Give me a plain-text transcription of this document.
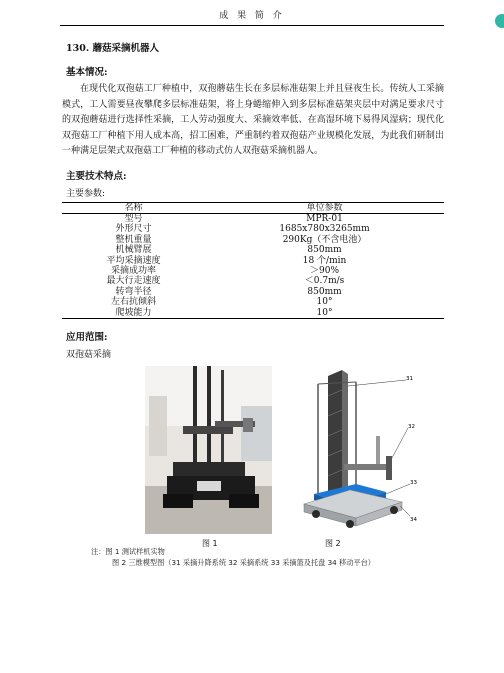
成 果 简 介
130. 蘑菇采摘机器人
基本情况:

在现代化双孢菇工厂种植中，双孢蘑菇生长在多层标准菇架上并且昼夜生长。传统人工采摘模式，工人需要昼夜攀爬多层标准菇架，将上身蜷缩伸入到多层标准菇架夹层中对满足要求尺寸的双孢蘑菇进行选择性采摘，工人劳动强度大、采摘效率低、在高湿环境下易得风湿病；现代化双孢菇工厂种植下用人成本高，招工困难，严重制约着双孢菇产业规模化发展，为此我们研制出一种满足层架式双孢菇工厂种植的移动式仿人双孢菇采摘机器人。

主要技术特点:
主要参数:
名称	单位参数
型号	MPR-01
外形尺寸	1685x780x3265mm
整机重量	290Kg（不含电池）
机械臂展	850mm
平均采摘速度	18 个/min
采摘成功率	＞90%
最大行走速度	＜0.7m/s
转弯半径	850mm
左右抗倾斜	10°
爬坡能力	10°
应用范围:
双孢菇采摘
31
32
33
34
图 1	图 2
注：图 1 测试样机实物
图 2 三维模型图（31 采摘升降系统 32 采摘系统 33 采摘篮及托盘 34 移动平台）
